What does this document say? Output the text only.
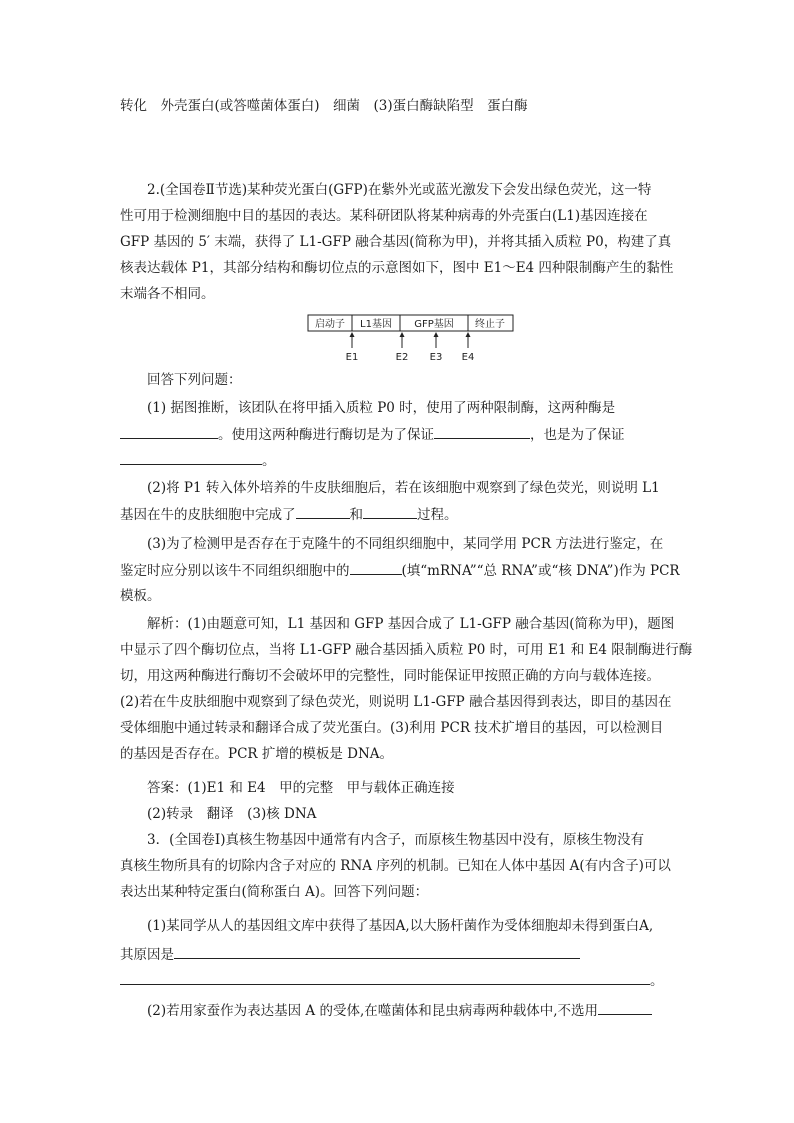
转化　外壳蛋白(或答噬菌体蛋白)　细菌　(3)蛋白酶缺陷型　蛋白酶
2.(全国卷Ⅱ节选)某种荧光蛋白(GFP)在紫外光或蓝光激发下会发出绿色荧光，这一特
性可用于检测细胞中目的基因的表达。某科研团队将某种病毒的外壳蛋白(L1)基因连接在
GFP 基因的 5′ 末端，获得了 L1-GFP 融合基因(简称为甲)，并将其插入质粒 P0，构建了真
核表达载体 P1，其部分结构和酶切位点的示意图如下，图中 E1～E4 四种限制酶产生的黏性
末端各不相同。
启动子 L1基因 GFP基因 终止子
E1	E2 E3 E4
回答下列问题：
(1) 据图推断，该团队在将甲插入质粒 P0 时，使用了两种限制酶，这两种酶是
。使用这两种酶进行酶切是为了保证	，也是为了保证
。
(2)将 P1 转入体外培养的牛皮肤细胞后，若在该细胞中观察到了绿色荧光，则说明 L1
基因在牛的皮肤细胞中完成了	和	过程。
(3)为了检测甲是否存在于克隆牛的不同组织细胞中，某同学用 PCR 方法进行鉴定，在
鉴定时应分别以该牛不同组织细胞中的	(填“mRNA”“总 RNA”或“核 DNA”)作为 PCR
模板。
解析：(1)由题意可知，L1 基因和 GFP 基因合成了 L1-GFP 融合基因(简称为甲)，题图
中显示了四个酶切位点，当将 L1-GFP 融合基因插入质粒 P0 时，可用 E1 和 E4 限制酶进行酶
切，用这两种酶进行酶切不会破坏甲的完整性，同时能保证甲按照正确的方向与载体连接。
(2)若在牛皮肤细胞中观察到了绿色荧光，则说明 L1-GFP 融合基因得到表达，即目的基因在
受体细胞中通过转录和翻译合成了荧光蛋白。(3)利用 PCR 技术扩增目的基因，可以检测目
的基因是否存在。PCR 扩增的模板是 DNA。
答案：(1)E1 和 E4　甲的完整　甲与载体正确连接
(2)转录　翻译　(3)核 DNA
3．(全国卷Ⅰ)真核生物基因中通常有内含子，而原核生物基因中没有，原核生物没有
真核生物所具有的切除内含子对应的 RNA 序列的机制。已知在人体中基因 A(有内含子)可以
表达出某种特定蛋白(简称蛋白 A)。回答下列问题：
(1)某同学从人的基因组文库中获得了基因A,以大肠杆菌作为受体细胞却未得到蛋白A,
其原因是
。
(2)若用家蚕作为表达基因 A 的受体,在噬菌体和昆虫病毒两种载体中,不选用
